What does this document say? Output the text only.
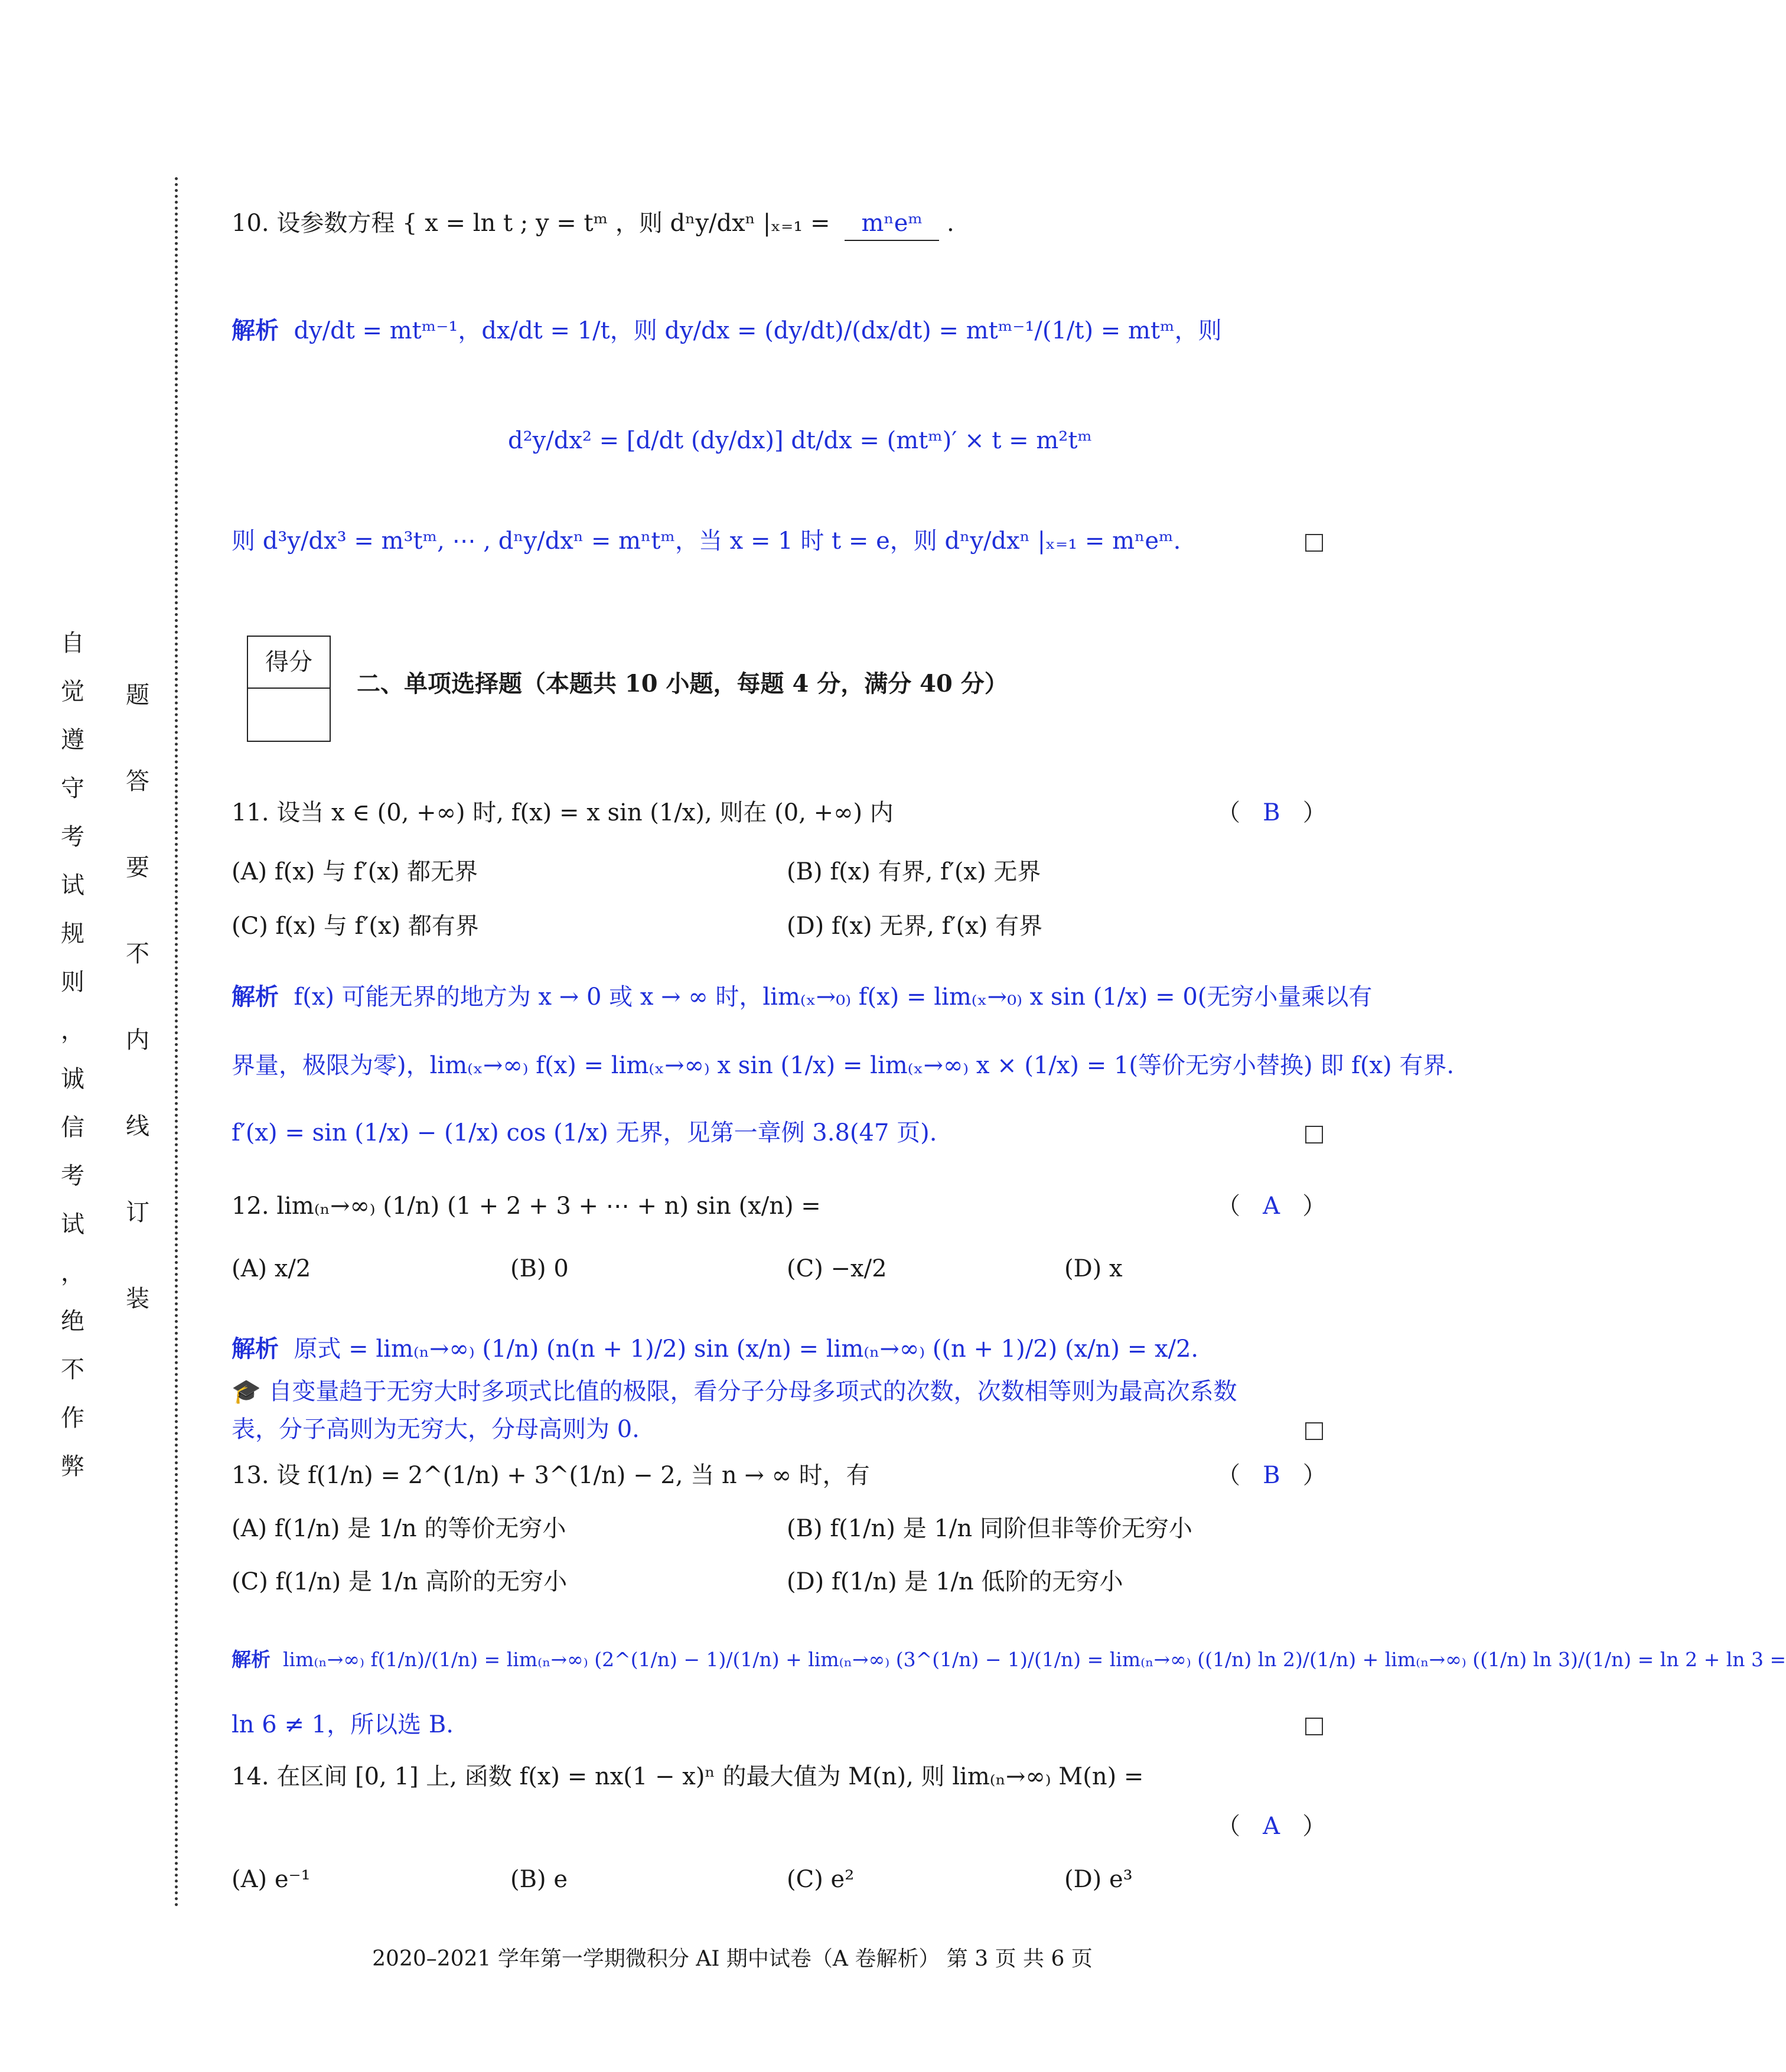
自
觉
遵
守
考
试
规
则
，
诚
信
考
试
，
绝
不
作
弊
题
答
要
不
内
线
订
装
10. 设参数方程 { x = ln t ; y = tᵐ ，则 dⁿy/dxⁿ |ₓ₌₁ = mⁿeᵐ .
解析 dy/dt = mtᵐ⁻¹，dx/dt = 1/t，则 dy/dx = (dy/dt)/(dx/dt) = mtᵐ⁻¹/(1/t) = mtᵐ，则
d²y/dx² = [d/dt (dy/dx)] dt/dx = (mtᵐ)′ × t = m²tᵐ
则 d³y/dx³ = m³tᵐ, ⋯ , dⁿy/dxⁿ = mⁿtᵐ，当 x = 1 时 t = e，则 dⁿy/dxⁿ |ₓ₌₁ = mⁿeᵐ.
得分
二、单项选择题（本题共 10 小题，每题 4 分，满分 40 分）
11. 设当 x ∈ (0, +∞) 时, f(x) = x sin (1/x), 则在 (0, +∞) 内	（   B   ）
(A) f(x) 与 f′(x) 都无界	(B) f(x) 有界, f′(x) 无界
(C) f(x) 与 f′(x) 都有界	(D) f(x) 无界, f′(x) 有界
解析 f(x) 可能无界的地方为 x → 0 或 x → ∞ 时，lim₍ₓ→₀₎ f(x) = lim₍ₓ→₀₎ x sin (1/x) = 0(无穷小量乘以有
界量，极限为零)，lim₍ₓ→∞₎ f(x) = lim₍ₓ→∞₎ x sin (1/x) = lim₍ₓ→∞₎ x × (1/x) = 1(等价无穷小替换) 即 f(x) 有界.
f′(x) = sin (1/x) − (1/x) cos (1/x) 无界，见第一章例 3.8(47 页).
12. lim₍ₙ→∞₎ (1/n) (1 + 2 + 3 + ⋯ + n) sin (x/n) =	（   A   ）
(A) x/2	(B) 0	(C) −x/2	(D) x
解析 原式 = lim₍ₙ→∞₎ (1/n) (n(n + 1)/2) sin (x/n) = lim₍ₙ→∞₎ ((n + 1)/2) (x/n) = x/2.
🎓 自变量趋于无穷大时多项式比值的极限，看分子分母多项式的次数，次数相等则为最高次系数
表，分子高则为无穷大，分母高则为 0.
13. 设 f(1/n) = 2^(1/n) + 3^(1/n) − 2, 当 n → ∞ 时，有	（   B   ）
(A) f(1/n) 是 1/n 的等价无穷小	(B) f(1/n) 是 1/n 同阶但非等价无穷小
(C) f(1/n) 是 1/n 高阶的无穷小	(D) f(1/n) 是 1/n 低阶的无穷小
解析 lim₍ₙ→∞₎ f(1/n)/(1/n) = lim₍ₙ→∞₎ (2^(1/n) − 1)/(1/n) + lim₍ₙ→∞₎ (3^(1/n) − 1)/(1/n) = lim₍ₙ→∞₎ ((1/n) ln 2)/(1/n) + lim₍ₙ→∞₎ ((1/n) ln 3)/(1/n) = ln 2 + ln 3 =
ln 6 ≠ 1，所以选 B.
14. 在区间 [0, 1] 上, 函数 f(x) = nx(1 − x)ⁿ 的最大值为 M(n), 则 lim₍ₙ→∞₎ M(n) =
（   A   ）
(A) e⁻¹	(B) e	(C) e²	(D) e³
2020–2021 学年第一学期微积分 AI 期中试卷（A 卷解析） 第 3 页 共 6 页
